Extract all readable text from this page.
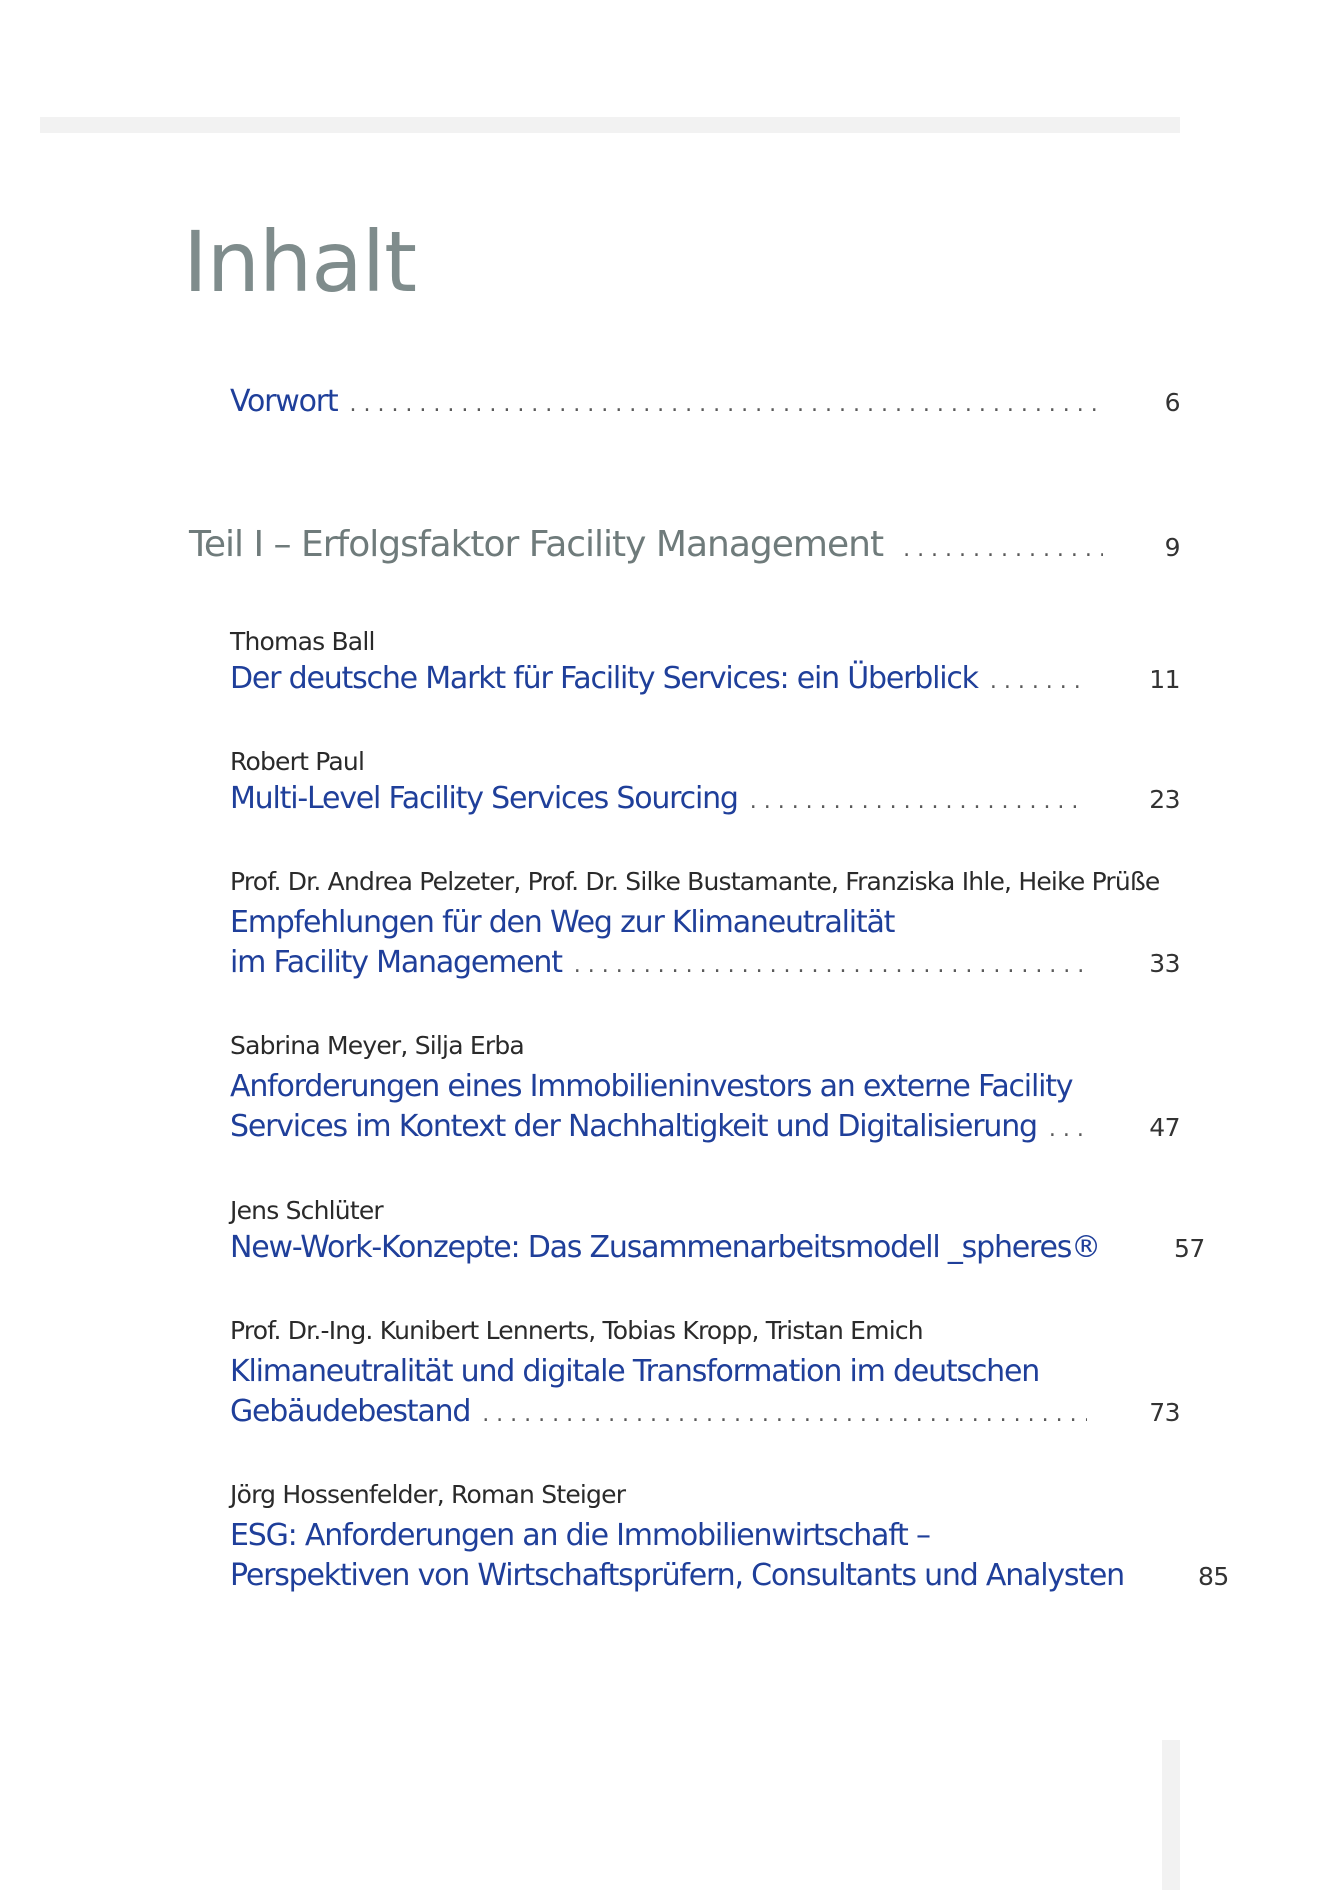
Inhalt
Vorwort . . .	6
Teil I – Erfolgsfaktor Facility Management . . .	9
Thomas Ball
Der deutsche Markt für Facility Services: ein Überblick . . .	11
Robert Paul
Multi-Level Facility Services Sourcing . . .	23
Prof. Dr. Andrea Pelzeter, Prof. Dr. Silke Bustamante, Franziska Ihle, Heike Prüße
Empfehlungen für den Weg zur Klimaneutralität
im Facility Management . . .	33
Sabrina Meyer, Silja Erba
Anforderungen eines Immobilieninvestors an externe Facility
Services im Kontext der Nachhaltigkeit und Digitalisierung . . .	47
Jens Schlüter
New-Work-Konzepte: Das Zusammenarbeitsmodell _spheres®	57
Prof. Dr.-Ing. Kunibert Lennerts, Tobias Kropp, Tristan Emich
Klimaneutralität und digitale Transformation im deutschen
Gebäudebestand . . .	73
Jörg Hossenfelder, Roman Steiger
ESG: Anforderungen an die Immobilienwirtschaft –
Perspektiven von Wirtschaftsprüfern, Consultants und Analysten	85
